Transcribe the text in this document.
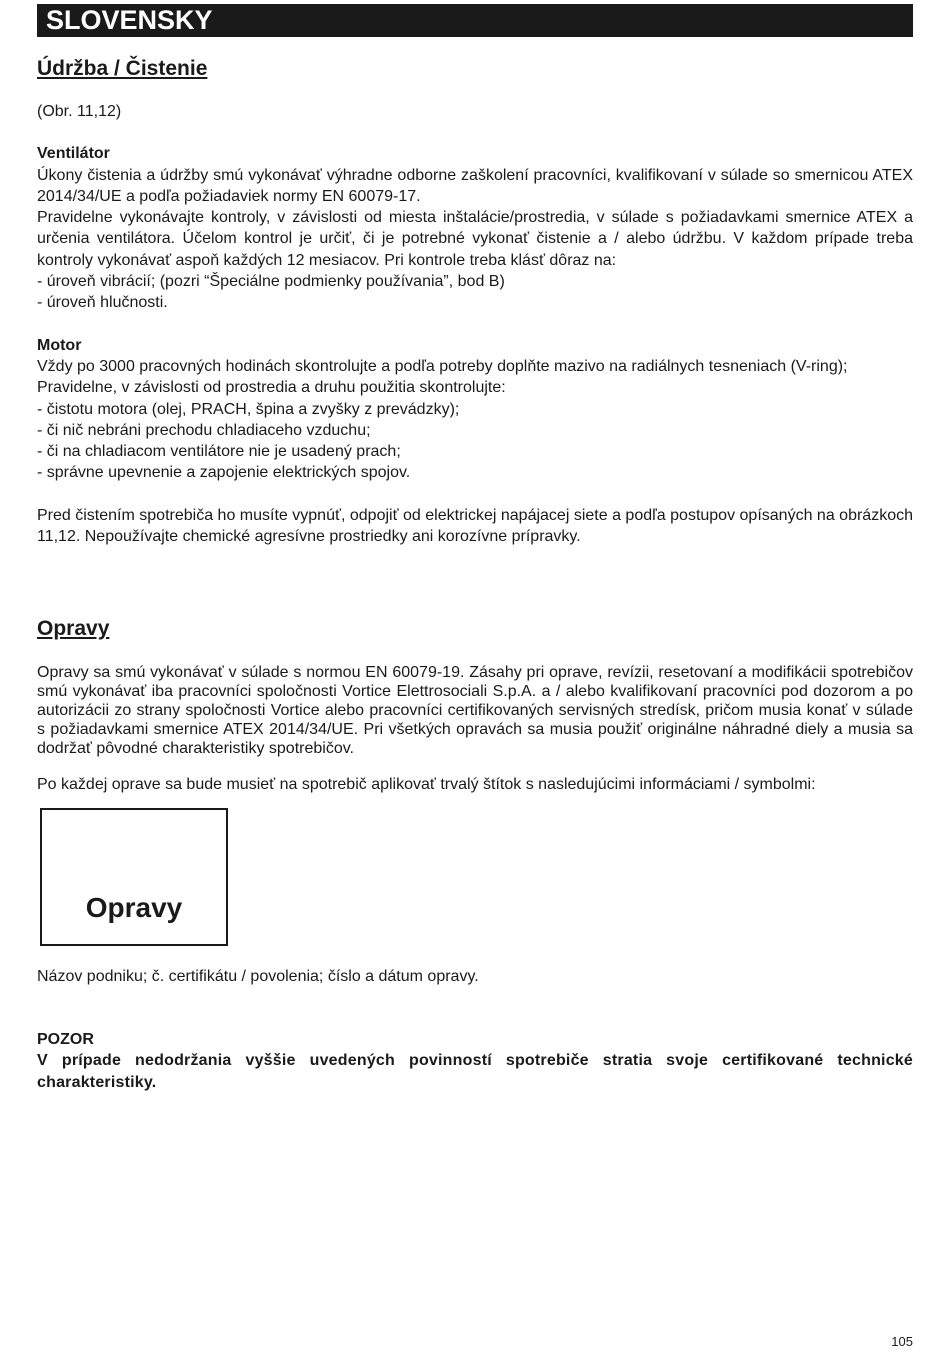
SLOVENSKY
Údržba / Čistenie

(Obr. 11,12)

Ventilátor

Úkony čistenia a údržby smú vykonávať výhradne odborne zaškolení pracovníci, kvalifikovaní v súlade so smernicou ATEX 2014/34/UE a podľa požiadaviek normy EN 60079-17.

Pravidelne vykonávajte kontroly, v závislosti od miesta inštalácie/prostredia, v súlade s požiadavkami smernice ATEX a určenia ventilátora. Účelom kontrol je určiť, či je potrebné vykonať čistenie a / alebo údržbu. V každom prípade treba kontroly vykonávať aspoň každých 12 mesiacov. Pri kontrole treba klásť dôraz na:

- úroveň vibrácií; (pozri “Špeciálne podmienky používania”, bod B)
- úroveň hlučnosti.

Motor

Vždy po 3000 pracovných hodinách skontrolujte a podľa potreby doplňte mazivo na radiálnych tesneniach (V-ring);

Pravidelne, v závislosti od prostredia a druhu použitia skontrolujte:

- čistotu motora (olej, PRACH, špina a zvyšky z prevádzky);
- či nič nebráni prechodu chladiaceho vzduchu;
- či na chladiacom ventilátore nie je usadený prach;
- správne upevnenie a zapojenie elektrických spojov.

Pred čistením spotrebiča ho musíte vypnúť, odpojiť od elektrickej napájacej siete a podľa postupov opísaných na obrázkoch 11,12. Nepoužívajte chemické agresívne prostriedky ani korozívne prípravky.

Opravy

Opravy sa smú vykonávať v súlade s normou EN 60079-19. Zásahy pri oprave, revízii, resetovaní a modifikácii spotrebičov smú vykonávať iba pracovníci spoločnosti Vortice Elettrosociali S.p.A. a / alebo kvalifikovaní pracovníci pod dozorom a po autorizácii zo strany spoločnosti Vortice alebo pracovníci certifikovaných servisných stredísk, pričom musia konať v súlade s požiadavkami smernice ATEX 2014/34/UE. Pri všetkých opravách sa musia použiť originálne náhradné diely a musia sa dodržať pôvodné charakteristiky spotrebičov.

Po každej oprave sa bude musieť na spotrebič aplikovať trvalý štítok s nasledujúcimi informáciami / symbolmi:

Opravy

Názov podniku; č. certifikátu / povolenia; číslo a dátum opravy.

POZOR

V prípade nedodržania vyššie uvedených povinností spotrebiče stratia svoje certifikované technické charakteristiky.

105
